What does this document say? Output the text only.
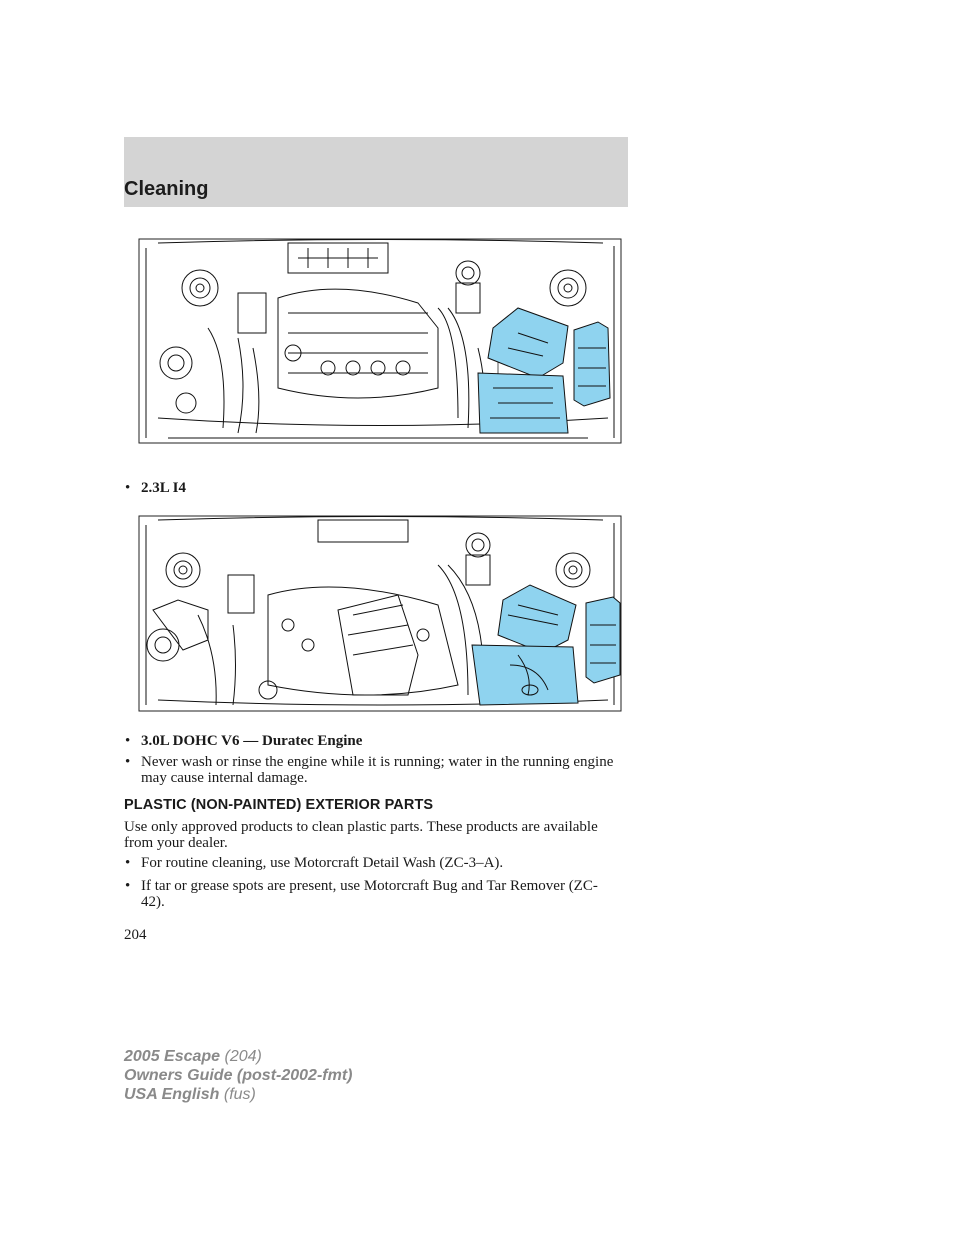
Cleaning
• 2.3L I4
• 3.0L DOHC V6 — Duratec Engine
• Never wash or rinse the engine while it is running; water in the running engine may cause internal damage.
PLASTIC (NON-PAINTED) EXTERIOR PARTS
Use only approved products to clean plastic parts. These products are available from your dealer.
• For routine cleaning, use Motorcraft Detail Wash (ZC-3–A).
• If tar or grease spots are present, use Motorcraft Bug and Tar Remover (ZC-42).
204
2005 Escape (204)
Owners Guide (post-2002-fmt)
USA English (fus)
